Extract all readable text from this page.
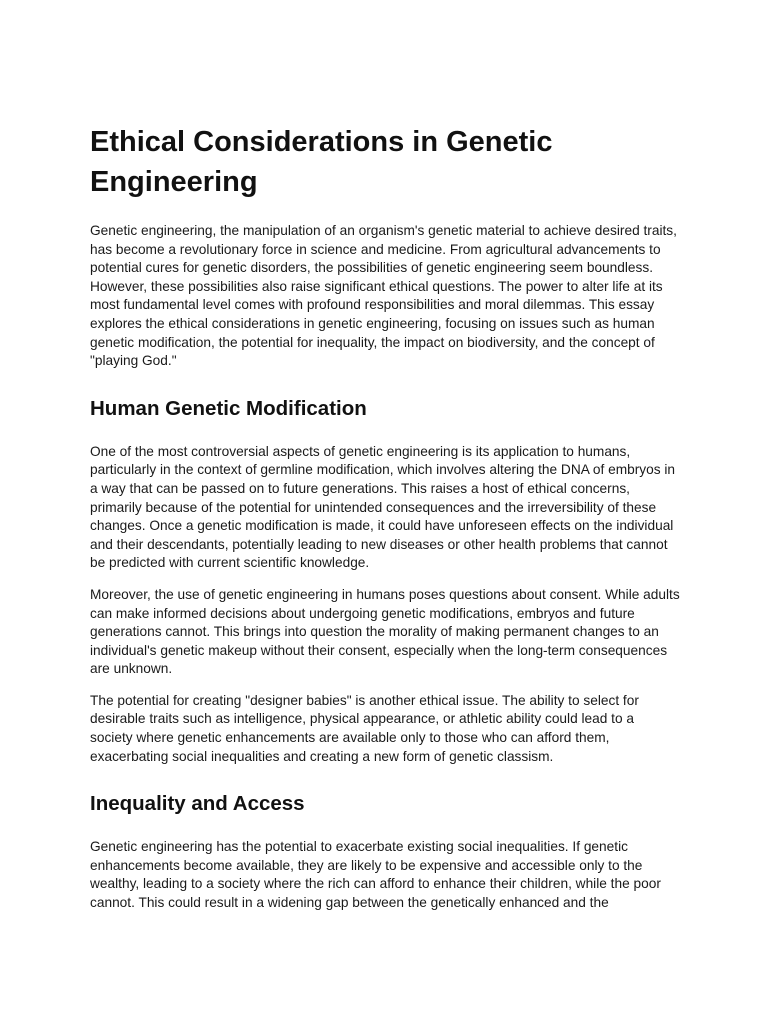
Ethical Considerations in Genetic Engineering

Genetic engineering, the manipulation of an organism's genetic material to achieve desired traits, has become a revolutionary force in science and medicine. From agricultural advancements to potential cures for genetic disorders, the possibilities of genetic engineering seem boundless. However, these possibilities also raise significant ethical questions. The power to alter life at its most fundamental level comes with profound responsibilities and moral dilemmas. This essay explores the ethical considerations in genetic engineering, focusing on issues such as human genetic modification, the potential for inequality, the impact on biodiversity, and the concept of "playing God."

Human Genetic Modification

One of the most controversial aspects of genetic engineering is its application to humans, particularly in the context of germline modification, which involves altering the DNA of embryos in a way that can be passed on to future generations. This raises a host of ethical concerns, primarily because of the potential for unintended consequences and the irreversibility of these changes. Once a genetic modification is made, it could have unforeseen effects on the individual and their descendants, potentially leading to new diseases or other health problems that cannot be predicted with current scientific knowledge.

Moreover, the use of genetic engineering in humans poses questions about consent. While adults can make informed decisions about undergoing genetic modifications, embryos and future generations cannot. This brings into question the morality of making permanent changes to an individual's genetic makeup without their consent, especially when the long-term consequences are unknown.

The potential for creating "designer babies" is another ethical issue. The ability to select for desirable traits such as intelligence, physical appearance, or athletic ability could lead to a society where genetic enhancements are available only to those who can afford them, exacerbating social inequalities and creating a new form of genetic classism.

Inequality and Access

Genetic engineering has the potential to exacerbate existing social inequalities. If genetic enhancements become available, they are likely to be expensive and accessible only to the wealthy, leading to a society where the rich can afford to enhance their children, while the poor cannot. This could result in a widening gap between the genetically enhanced and the
